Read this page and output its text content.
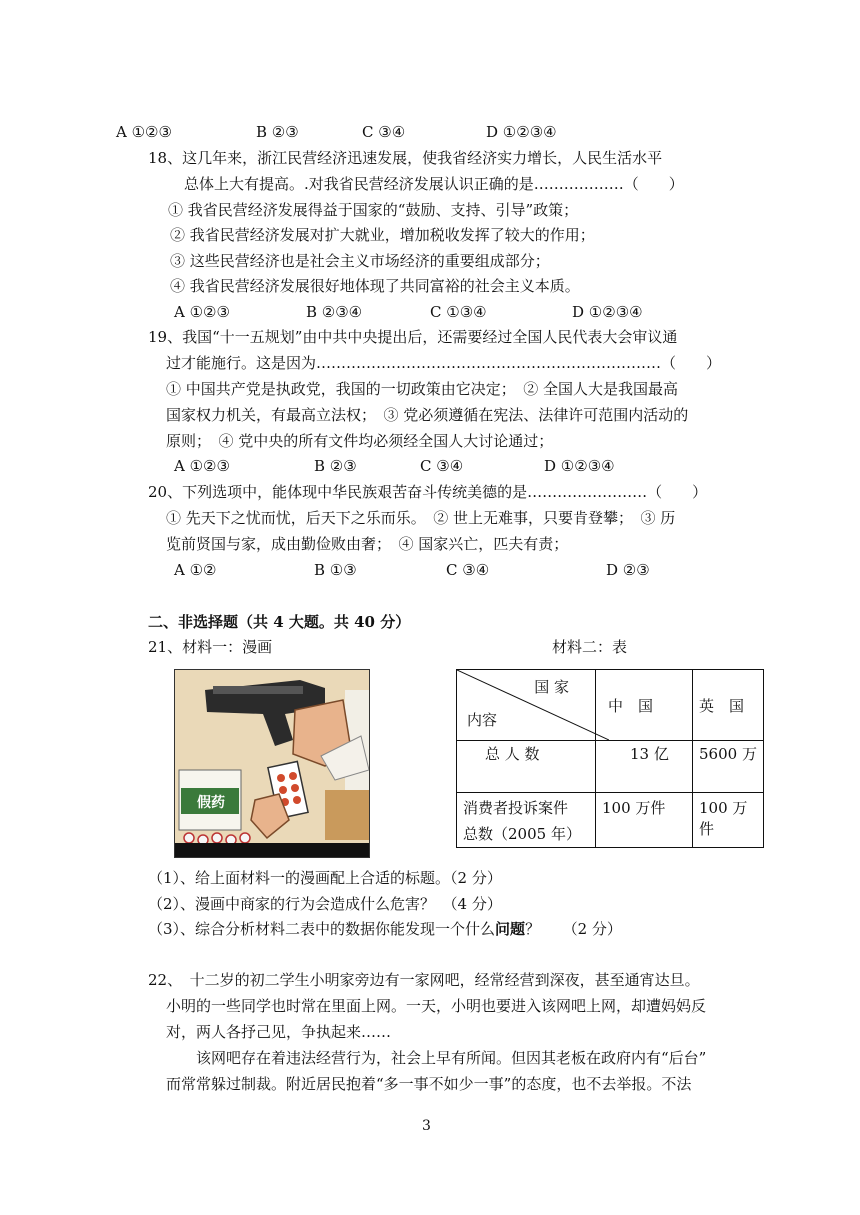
A ①②③	B ②③	C ③④	D ①②③④
18、这几年来，浙江民营经济迅速发展，使我省经济实力增长，人民生活水平
总体上大有提高。.对我省民营经济发展认识正确的是………………（　　）
① 我省民营经济发展得益于国家的“鼓励、支持、引导”政策；
② 我省民营经济发展对扩大就业，增加税收发挥了较大的作用；
③ 这些民营经济也是社会主义市场经济的重要组成部分；
④ 我省民营经济发展很好地体现了共同富裕的社会主义本质。
A ①②③	B ②③④	C ①③④	D ①②③④
19、我国“十一五规划”由中共中央提出后，还需要经过全国人民代表大会审议通
过才能施行。这是因为……………………………………………………………（　　）
① 中国共产党是执政党，我国的一切政策由它决定；　② 全国人大是我国最高
国家权力机关，有最高立法权；　③ 党必须遵循在宪法、法律许可范围内活动的
原则；　④ 党中央的所有文件均必须经全国人大讨论通过；
A ①②③	B ②③	C ③④	D ①②③④
20、下列选项中，能体现中华民族艰苦奋斗传统美德的是……………………（　　）
① 先天下之忧而忧，后天下之乐而乐。　② 世上无难事，只要肯登攀；　③ 历
览前贤国与家，成由勤俭败由奢；　④ 国家兴亡，匹夫有责；
A ①②	B ①③	C ③④	D ②③
二、非选择题（共 4 大题。共 40 分）
21、材料一：漫画	材料二：表
假药
国 家
内容	中　国	英　国
总 人 数	13 亿	5600 万

消费者投诉案件
总数（2005 年）	100 万件	100 万件
（1）、给上面材料一的漫画配上合适的标题。（2 分）
（2）、漫画中商家的行为会造成什么危害？　（4 分）
（3）、综合分析材料二表中的数据你能发现一个什么问题？　　（2 分）
22、　十二岁的初二学生小明家旁边有一家网吧，经常经营到深夜，甚至通宵达旦。
小明的一些同学也时常在里面上网。一天，小明也要进入该网吧上网，却遭妈妈反
对，两人各抒己见，争执起来……
该网吧存在着违法经营行为，社会上早有所闻。但因其老板在政府内有“后台”
而常常躲过制裁。附近居民抱着“多一事不如少一事”的态度，也不去举报。不法
3
